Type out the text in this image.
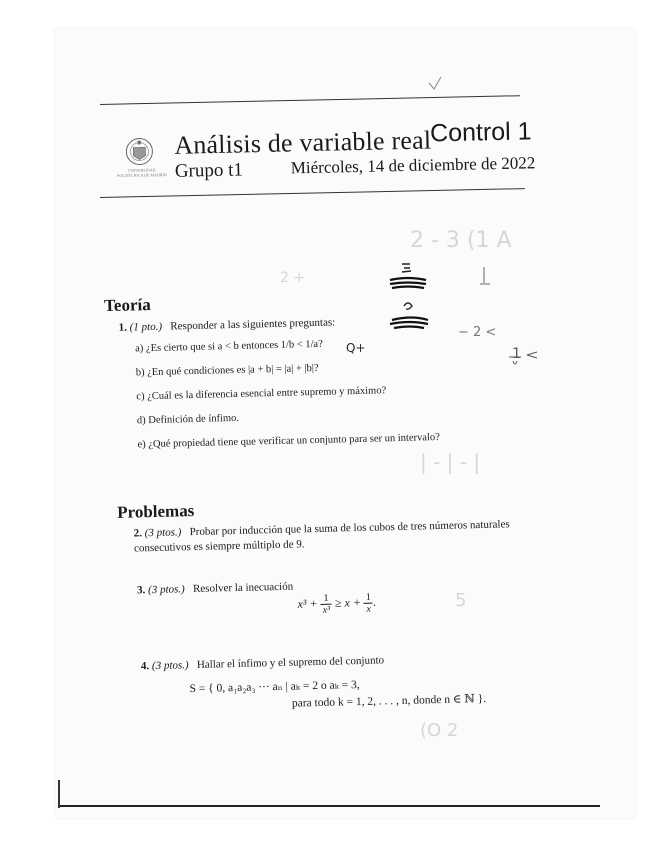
2 - 3 (1 A
2 +
| - | - |
5
(O 2
UNIVERSIDAD POLITÉCNICA DE MADRID
Análisis de variable real
Control 1
Grupo t1	Miércoles, 14 de diciembre de 2022
Teoría
1. (1 pto.) Responder a las siguientes preguntas:
a) ¿Es cierto que si a < b entonces 1/b < 1/a?
b) ¿En qué condiciones es |a + b| = |a| + |b|?
c) ¿Cuál es la diferencia esencial entre supremo y máximo?
d) Definición de ínfimo.
e) ¿Qué propiedad tiene que verificar un conjunto para ser un intervalo?
Problemas
2. (3 ptos.) Probar por inducción que la suma de los cubos de tres números naturales
consecutivos es siempre múltiplo de 9.
3. (3 ptos.) Resolver la inecuación
$x^3 + \frac{1}{\text{x³}} \ge x + \frac{1}{x}$ .
4. (3 ptos.) Hallar el ínfimo y el supremo del conjunto
S = { 0, a₁a₂a₃ ··· aₙ | aₖ = 2 o aₖ = 3,
para todo k = 1, 2, . . . , n, donde n ∈ ℕ }.
Q+
− 2 <
1
